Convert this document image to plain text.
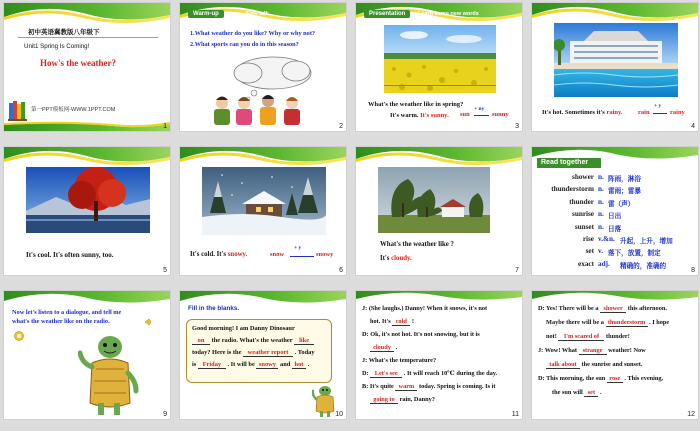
初中英语冀教版八年级下
Unit1 Spring Is Coming!
How's the weather?
第一PPT模板网-WWW.1PPT.COM
1
Warm-up	Free talk
1.What weather do you like? Why or why not?
2.What sports can you do in this season?
2
Presentation	Learn some new words
What's the weather like in spring?
It's warm. It's sunny. sun
+ ny
sunny
3
It's hot. Sometimes it's rainy. rain
+ y
rainy
4
It's cool. It's often sunny, too.
5
It's cold. It's snowy.	snow
+ y
snowy
6
What's the weather like ?
It's cloudy.
7
Read together
shower n. 阵雨，淋浴
thunderstorm n. 雷雨；雷暴
thunder n. 雷（声）
sunrise n. 日出
sunset n. 日落
rise v.&n. 升起，上升，增加
set v. 落下，放置，制定
exact adj. 精确的，准确的
8
Now let's listen to a dialogue, and tell me
what's the weather like on the radio.
9
Fill in the blanks.
Good morning! I am Danny Dinosaur
on the radio. What's the weather like
today? Here is the weather report . Today
is Friday . It will be snowy and hot .
10
J: (She laughs.) Danny! When it snows, it's not
hot. It's cold !
D: Ok, it's not hot. It's not snowing, but it is
cloudy .
J: What's the temperature?
D: Let's see . It will reach 10℃ during the day.
B: It's quite warm today. Spring is coming. Is it
going to rain, Danny?
11
D: Yes! There will be a shower this afternoon.
Maybe there will be a thunderstorm . I hope
not! I'm scared of thunder!
J: Wow! What strange weather! Now
talk about the sunrise and sunset.
D: This morning, the sun rose . This evening,
the sun will set .
12
